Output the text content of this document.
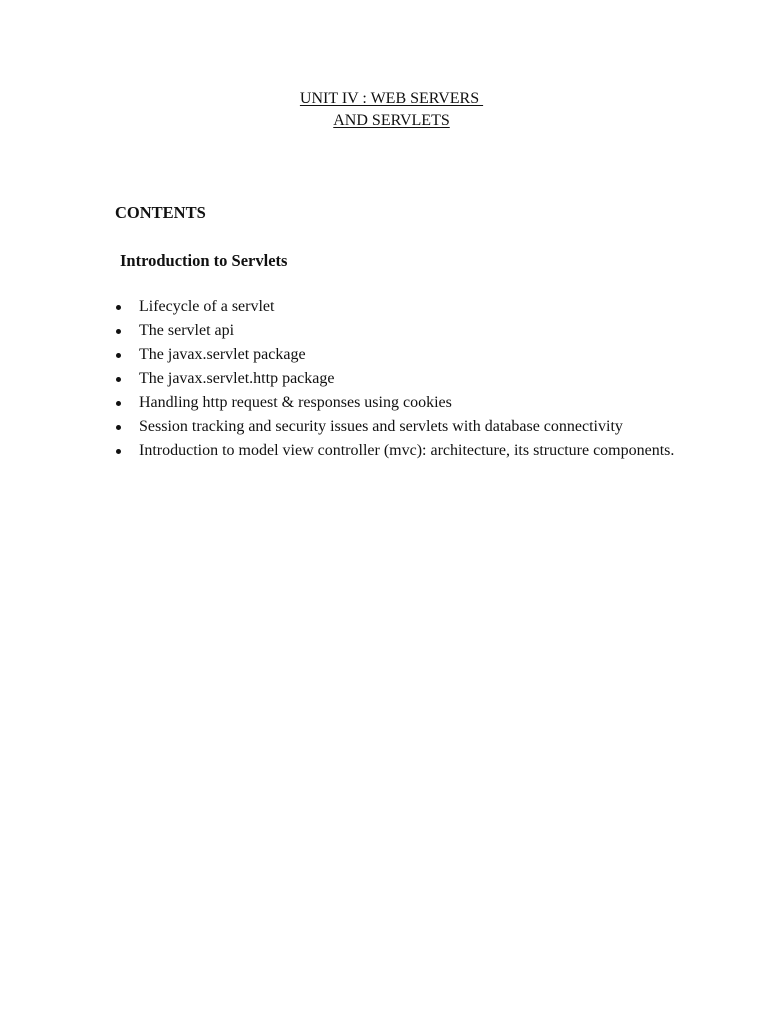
UNIT IV : WEB SERVERS
AND SERVLETS
CONTENTS
Introduction to Servlets
Lifecycle of a servlet
The servlet api
The javax.servlet package
The javax.servlet.http package
Handling http request & responses using cookies
Session tracking and security issues and servlets with database connectivity
Introduction to model view controller (mvc): architecture, its structure components.
